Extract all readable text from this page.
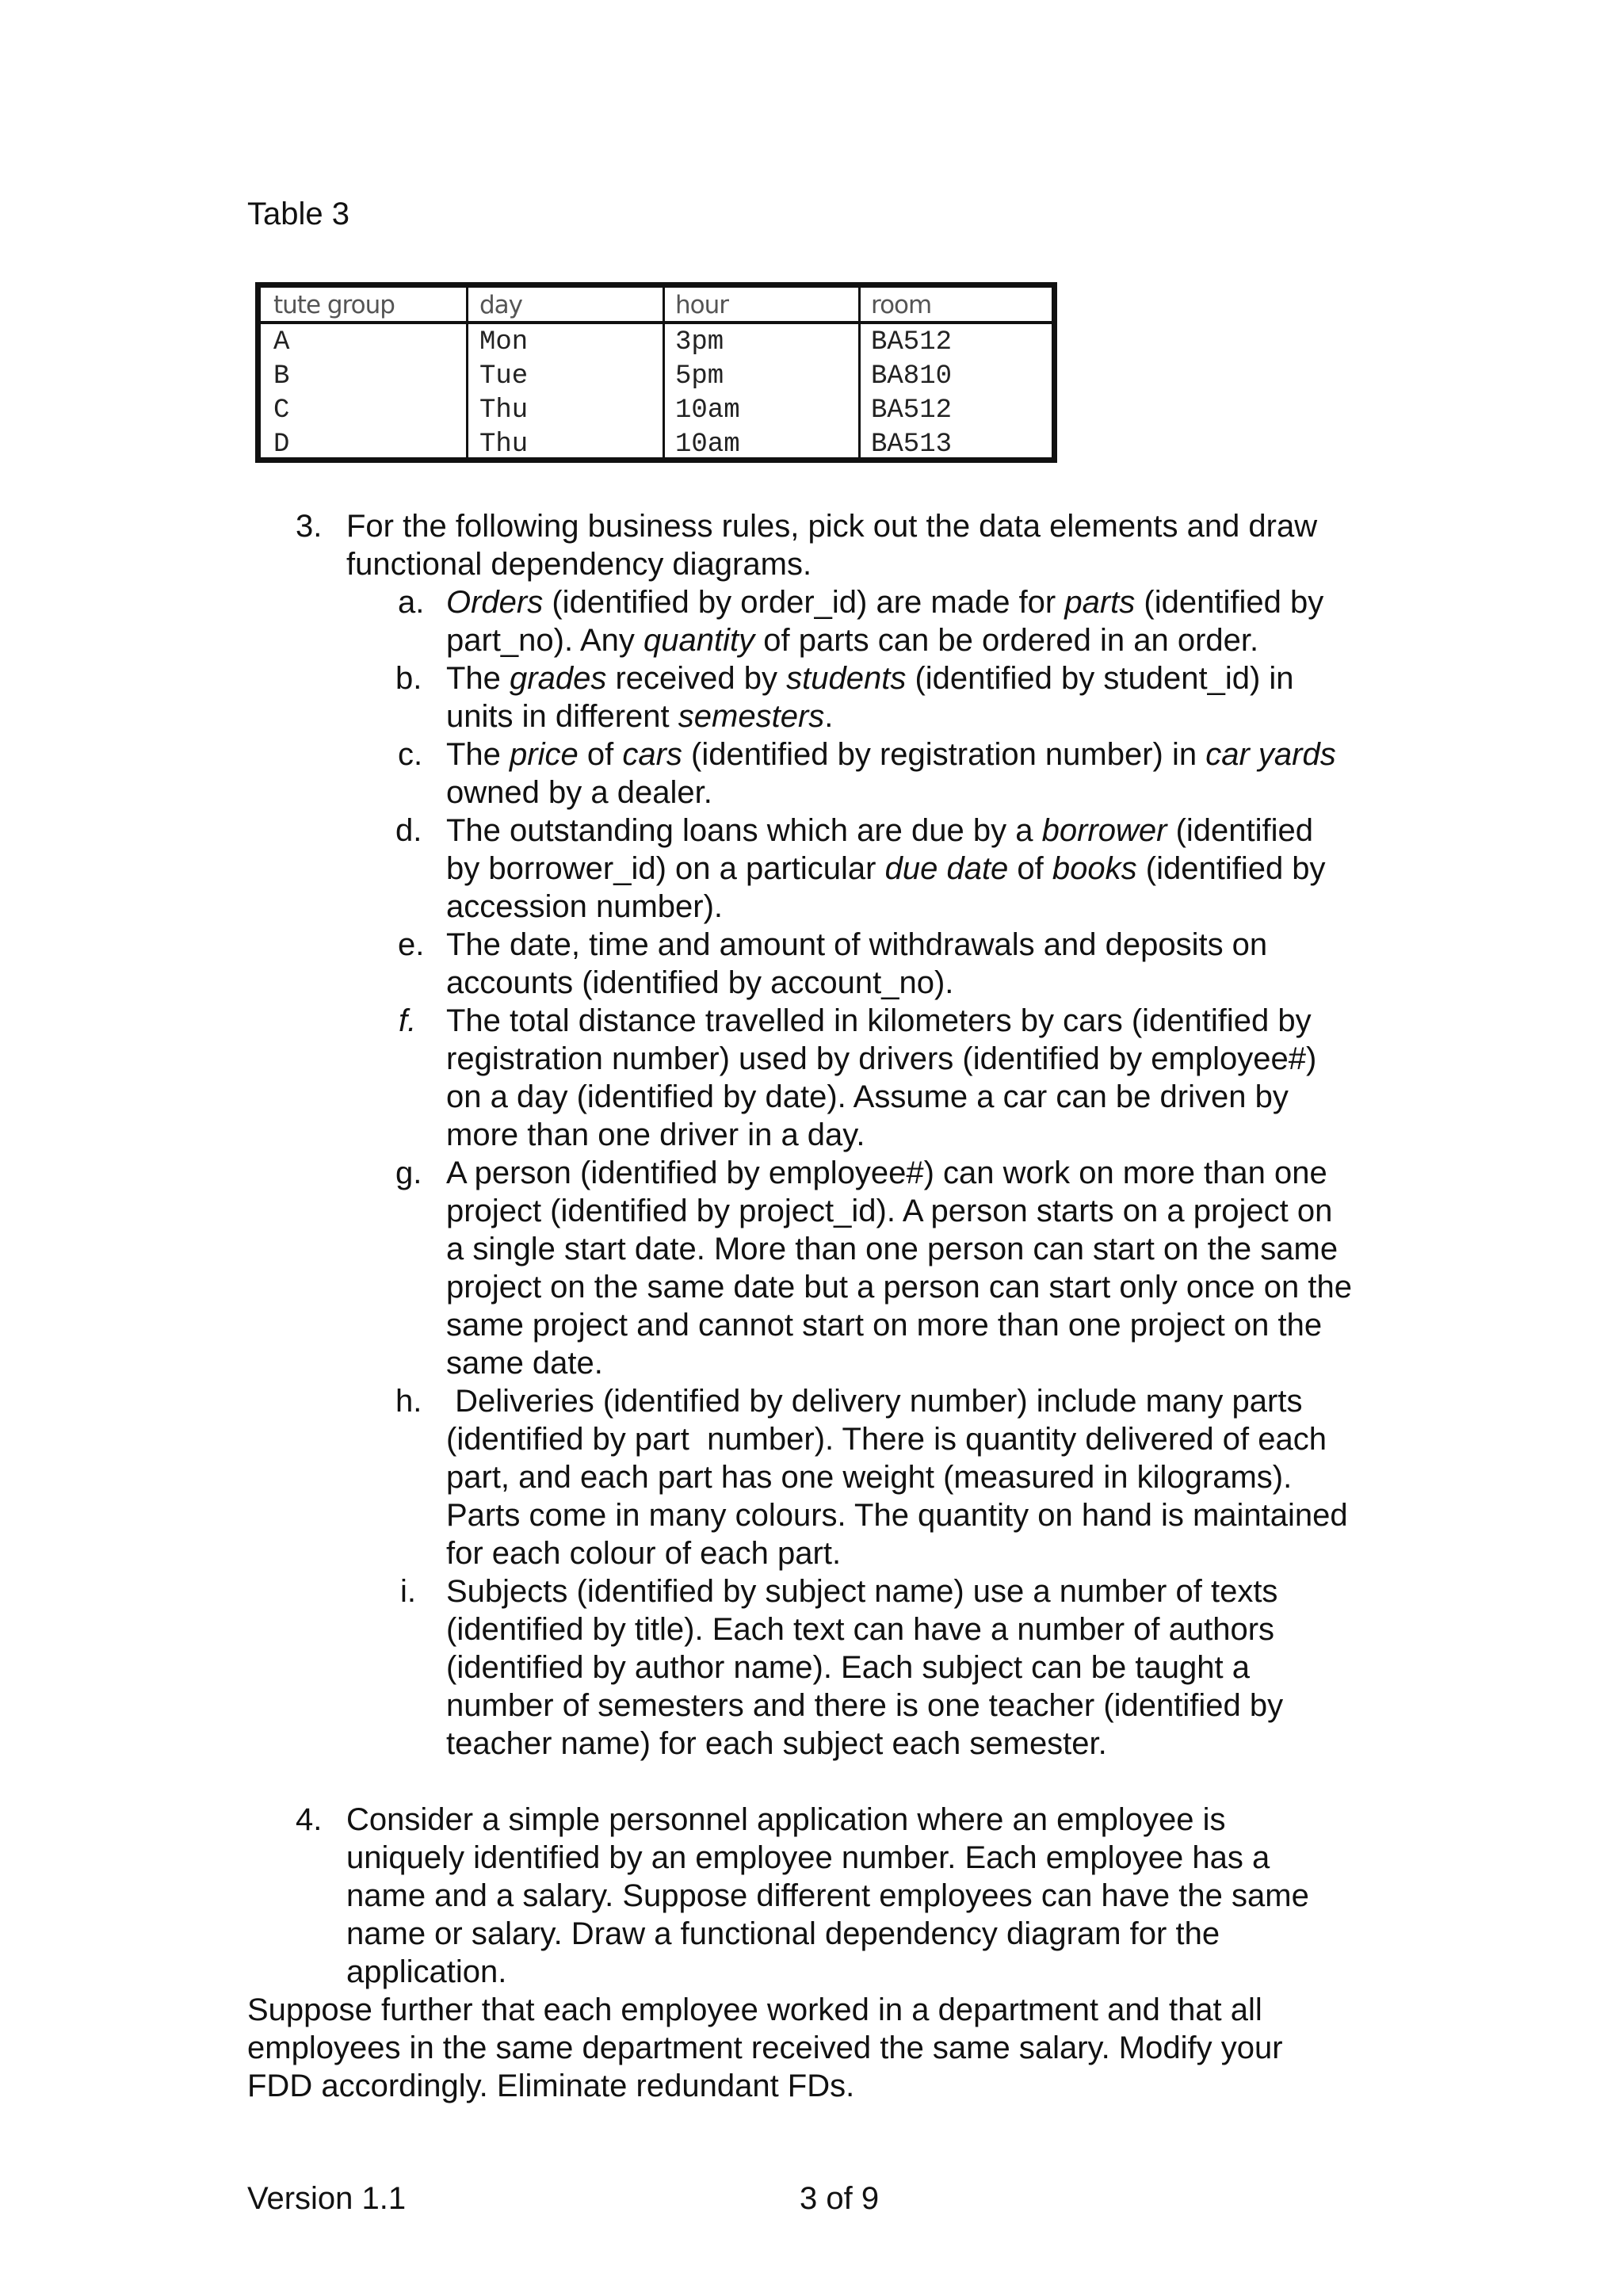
Table 3
tute group	day	hour	room
A	Mon	3pm	BA512
B	Tue	5pm	BA810
C	Thu	10am	BA512
D	Thu	10am	BA513
3. For the following business rules, pick out the data elements and draw
functional dependency diagrams.
a. Orders (identified by order_id) are made for parts (identified by
part_no). Any quantity of parts can be ordered in an order.
b. The grades received by students (identified by student_id) in
units in different semesters.
c. The price of cars (identified by registration number) in car yards
owned by a dealer.
d. The outstanding loans which are due by a borrower (identified
by borrower_id) on a particular due date of books (identified by
accession number).
e. The date, time and amount of withdrawals and deposits on
accounts (identified by account_no).
f. The total distance travelled in kilometers by cars (identified by
registration number) used by drivers (identified by employee#)
on a day (identified by date). Assume a car can be driven by
more than one driver in a day.
g. A person (identified by employee#) can work on more than one
project (identified by project_id). A person starts on a project on
a single start date. More than one person can start on the same
project on the same date but a person can start only once on the
same project and cannot start on more than one project on the
same date.
h. Deliveries (identified by delivery number) include many parts
(identified by part  number). There is quantity delivered of each
part, and each part has one weight (measured in kilograms).
Parts come in many colours. The quantity on hand is maintained
for each colour of each part.
i. Subjects (identified by subject name) use a number of texts
(identified by title). Each text can have a number of authors
(identified by author name). Each subject can be taught a
number of semesters and there is one teacher (identified by
teacher name) for each subject each semester.
4. Consider a simple personnel application where an employee is
uniquely identified by an employee number. Each employee has a
name and a salary. Suppose different employees can have the same
name or salary. Draw a functional dependency diagram for the
application.
Suppose further that each employee worked in a department and that all
employees in the same department received the same salary. Modify your
FDD accordingly. Eliminate redundant FDs.
Version 1.1	3 of 9
